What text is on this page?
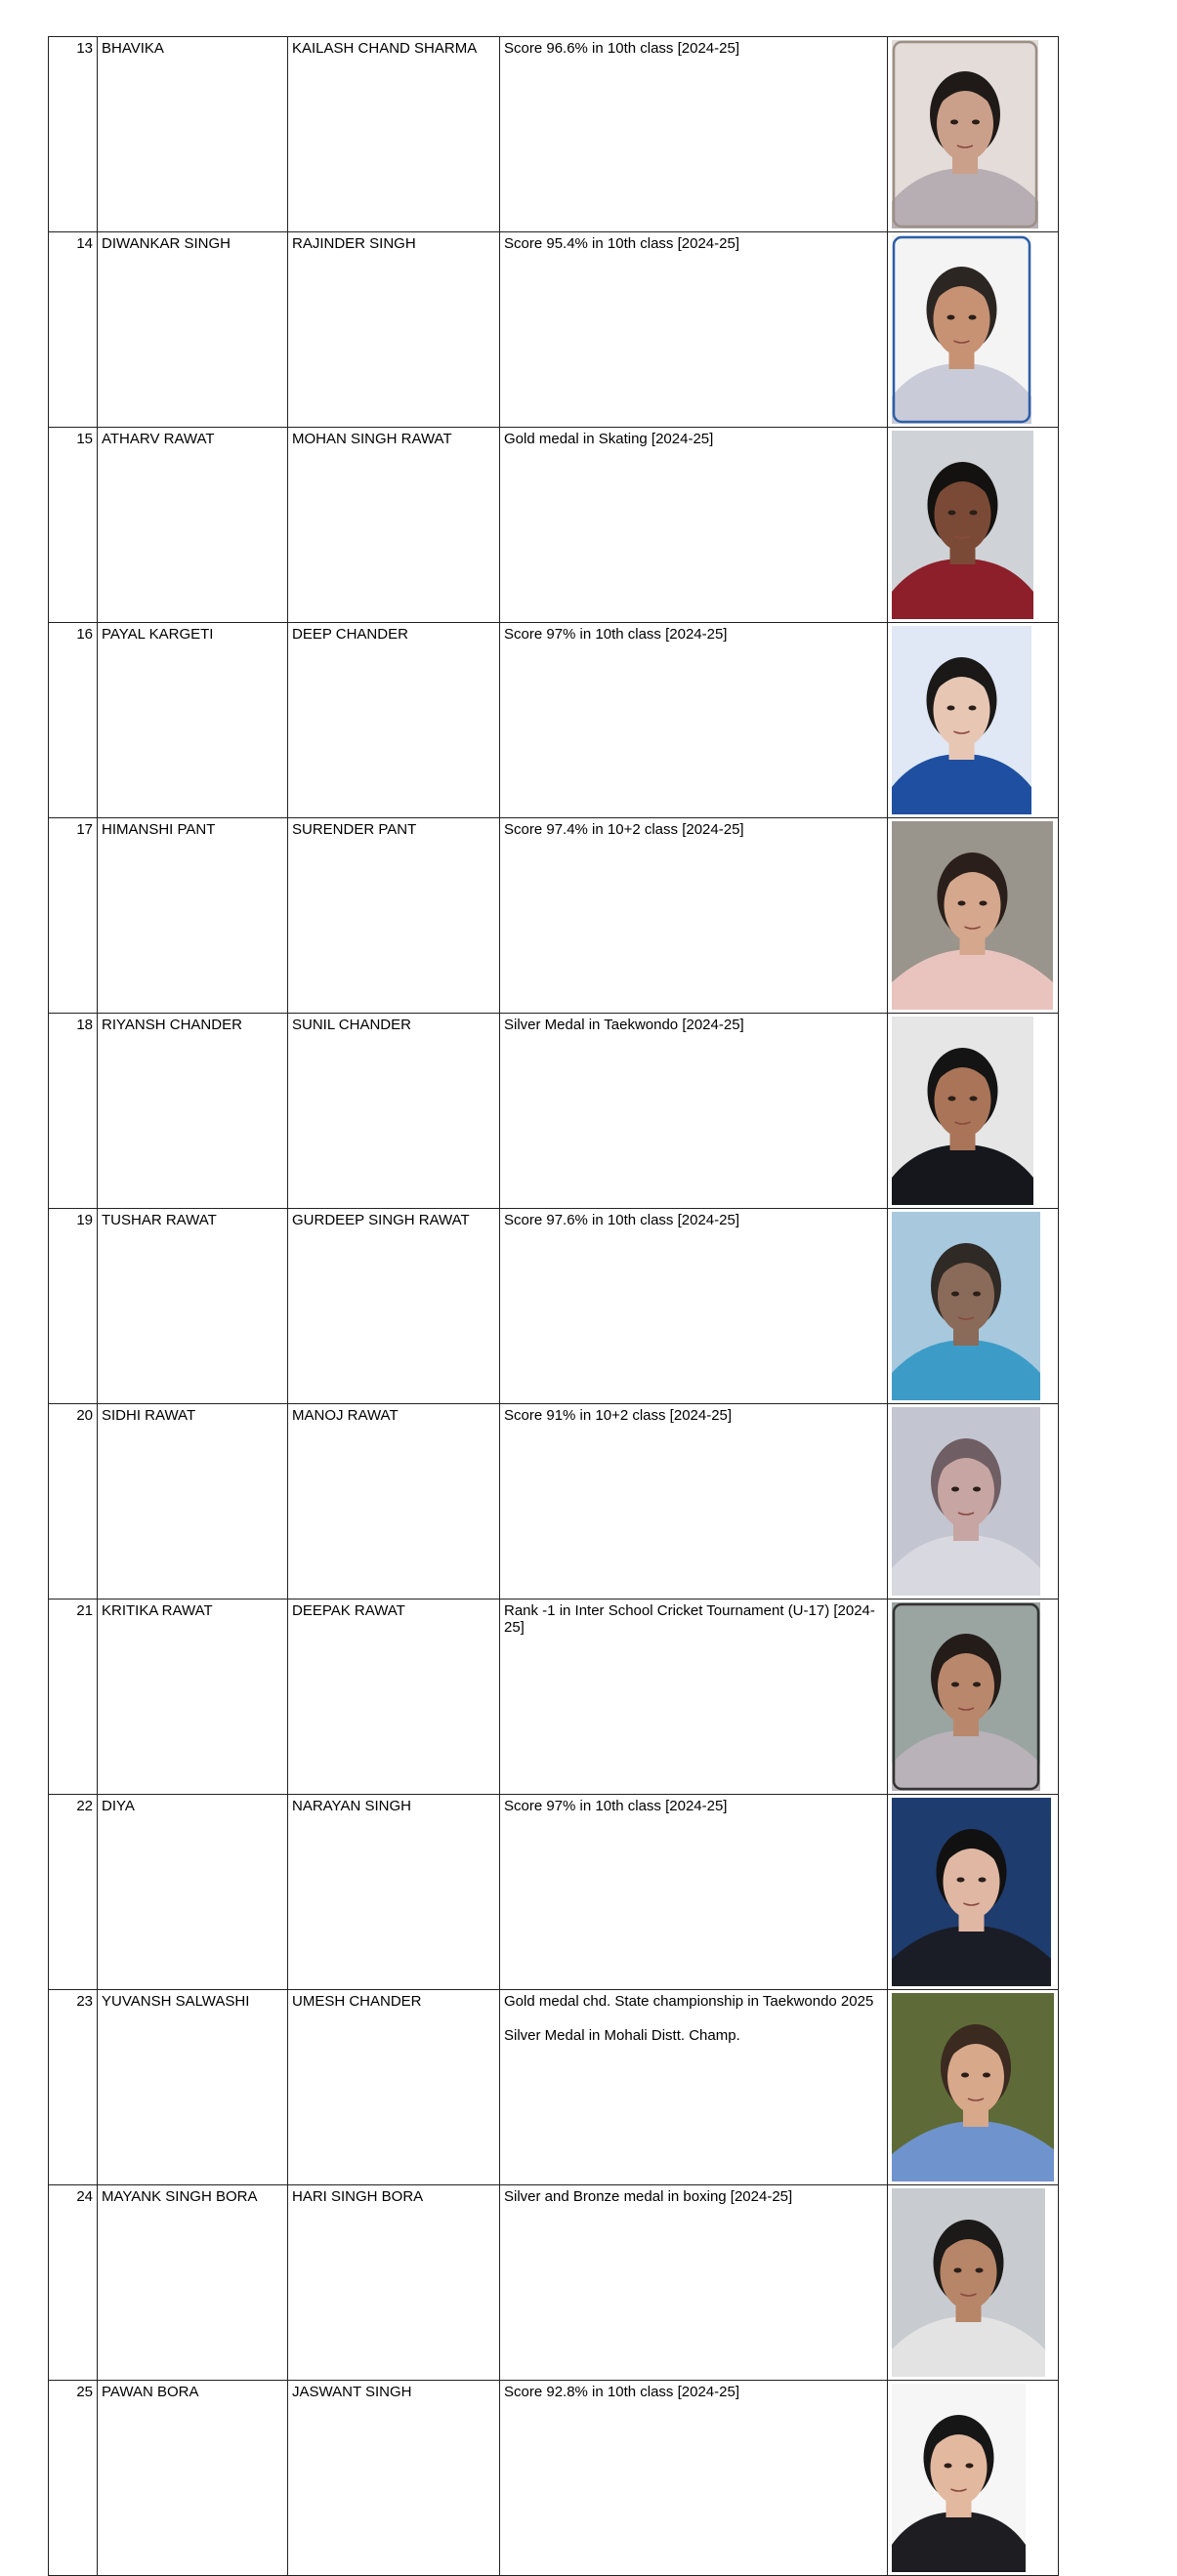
13	BHAVIKA	KAILASH CHAND SHARMA	Score 96.6% in 10th class [2024-25]

14	DIWANKAR SINGH	RAJINDER SINGH	Score 95.4% in 10th class [2024-25]

15	ATHARV RAWAT	MOHAN SINGH RAWAT	Gold medal in Skating [2024-25]

16	PAYAL KARGETI	DEEP CHANDER	Score 97% in 10th class [2024-25]

17	HIMANSHI PANT	SURENDER PANT	Score 97.4% in 10+2 class [2024-25]

18	RIYANSH CHANDER	SUNIL CHANDER	Silver Medal in Taekwondo [2024-25]

19	TUSHAR RAWAT	GURDEEP SINGH RAWAT	Score 97.6% in 10th class [2024-25]

20	SIDHI RAWAT	MANOJ RAWAT	Score 91% in 10+2 class [2024-25]

21	KRITIKA RAWAT	DEEPAK RAWAT	Rank -1 in Inter School Cricket Tournament (U-17) [2024-25]

22	DIYA	NARAYAN SINGH	Score 97% in 10th class [2024-25]

23	YUVANSH SALWASHI	UMESH CHANDER	Gold medal chd. State championship in Taekwondo 2025

Silver Medal in Mohali Distt. Champ.

24	MAYANK SINGH BORA	HARI SINGH BORA	Silver and Bronze medal in boxing [2024-25]

25	PAWAN BORA	JASWANT SINGH	Score 92.8% in 10th class [2024-25]
